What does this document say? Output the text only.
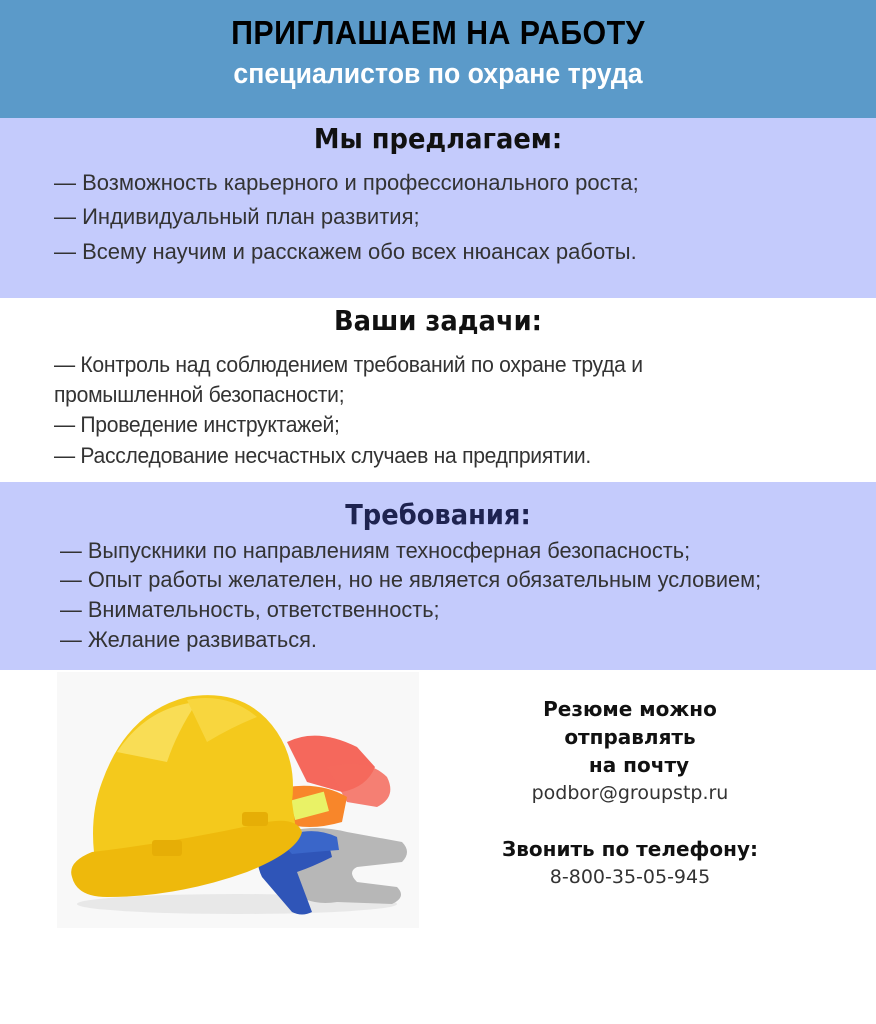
ПРИГЛАШАЕМ НА РАБОТУ
специалистов по охране труда
Мы предлагаем:
— Возможность карьерного и профессионального роста;
— Индивидуальный план развития;
— Всему научим и расскажем обо всех нюансах работы.
Ваши задачи:
— Контроль над соблюдением требований по охране труда и
промышленной безопасности;
— Проведение инструктажей;
— Расследование несчастных случаев на предприятии.
Требования:
— Выпускники по направлениям техносферная безопасность;
— Опыт работы желателен, но не является обязательным условием;
— Внимательность, ответственность;
— Желание развиваться.
Резюме можно
отправлять
на почту
podbor@groupstp.ru
Звонить по телефону:
8-800-35-05-945
